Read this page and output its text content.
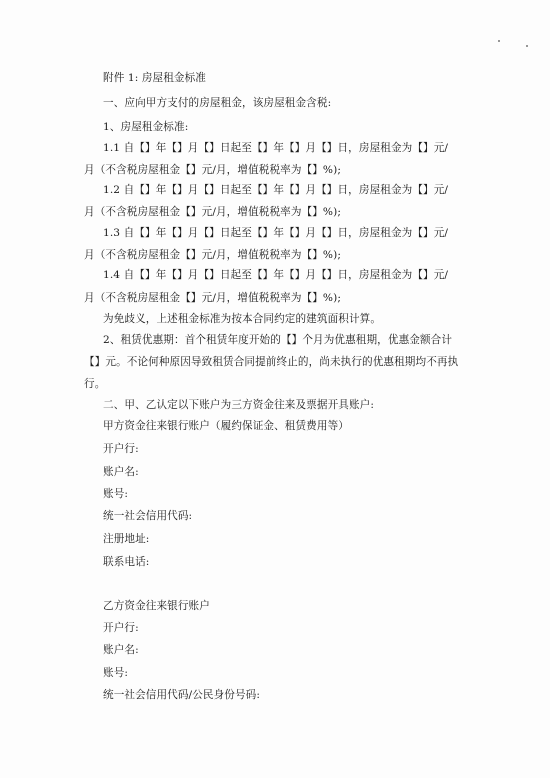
附件 1: 房屋租金标准
一、应向甲方支付的房屋租金，该房屋租金含税:
1、房屋租金标准:
1.1 自【】年【】月【】日起至【】年【】月【】日，房屋租金为【】元/
月（不含税房屋租金【】元/月，增值税税率为【】%);
1.2 自【】年【】月【】日起至【】年【】月【】日，房屋租金为【】元/
月（不含税房屋租金【】元/月，增值税税率为【】%);
1.3 自【】年【】月【】日起至【】年【】月【】日，房屋租金为【】元/
月（不含税房屋租金【】元/月，增值税税率为【】%);
1.4 自【】年【】月【】日起至【】年【】月【】日，房屋租金为【】元/
月（不含税房屋租金【】元/月，增值税税率为【】%);
为免歧义，上述租金标准为按本合同约定的建筑面积计算。
2、租赁优惠期：首个租赁年度开始的【】个月为优惠租期，优惠金额合计
【】元。不论何种原因导致租赁合同提前终止的，尚未执行的优惠租期均不再执
行。
二、甲、乙认定以下账户为三方资金往来及票据开具账户:
甲方资金往来银行账户（履约保证金、租赁费用等）
开户行:
账户名:
账号:
统一社会信用代码:
注册地址:
联系电话:
乙方资金往来银行账户
开户行:
账户名:
账号:
统一社会信用代码/公民身份号码:
